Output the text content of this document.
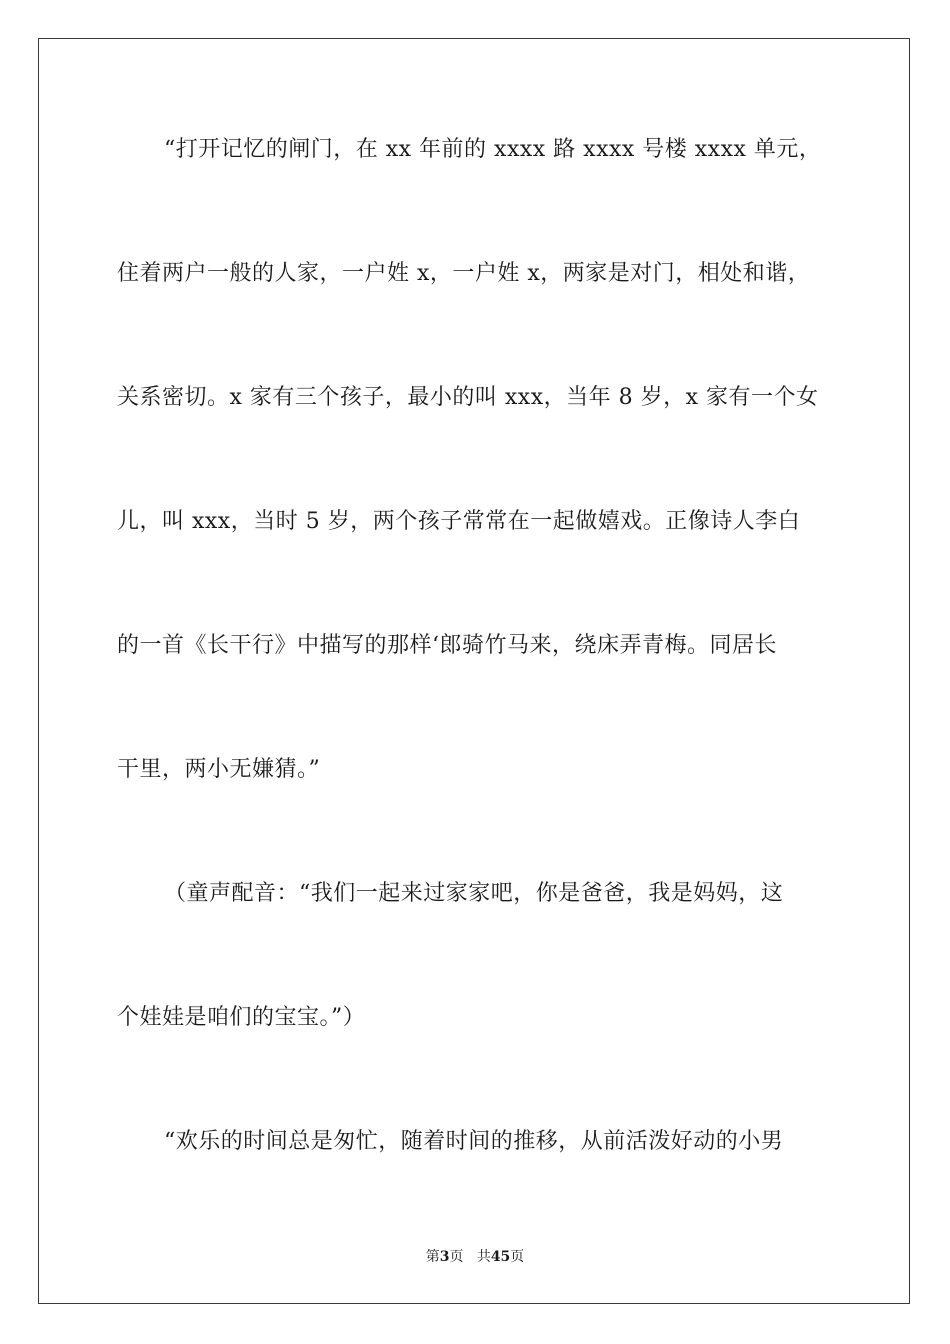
“打开记忆的闸门，在 xx 年前的 xxxx 路 xxxx 号楼 xxxx 单元，
住着两户一般的人家，一户姓 x，一户姓 x，两家是对门，相处和谐，
关系密切。x 家有三个孩子，最小的叫 xxx，当年 8 岁，x 家有一个女
儿，叫 xxx，当时 5 岁，两个孩子常常在一起做嬉戏。正像诗人李白
的一首《长干行》中描写的那样‘郎骑竹马来，绕床弄青梅。同居长
干里，两小无嫌猜。”
（童声配音：“我们一起来过家家吧，你是爸爸，我是妈妈，这
个娃娃是咱们的宝宝。”）
“欢乐的时间总是匆忙，随着时间的推移，从前活泼好动的小男
第3页 共45页
